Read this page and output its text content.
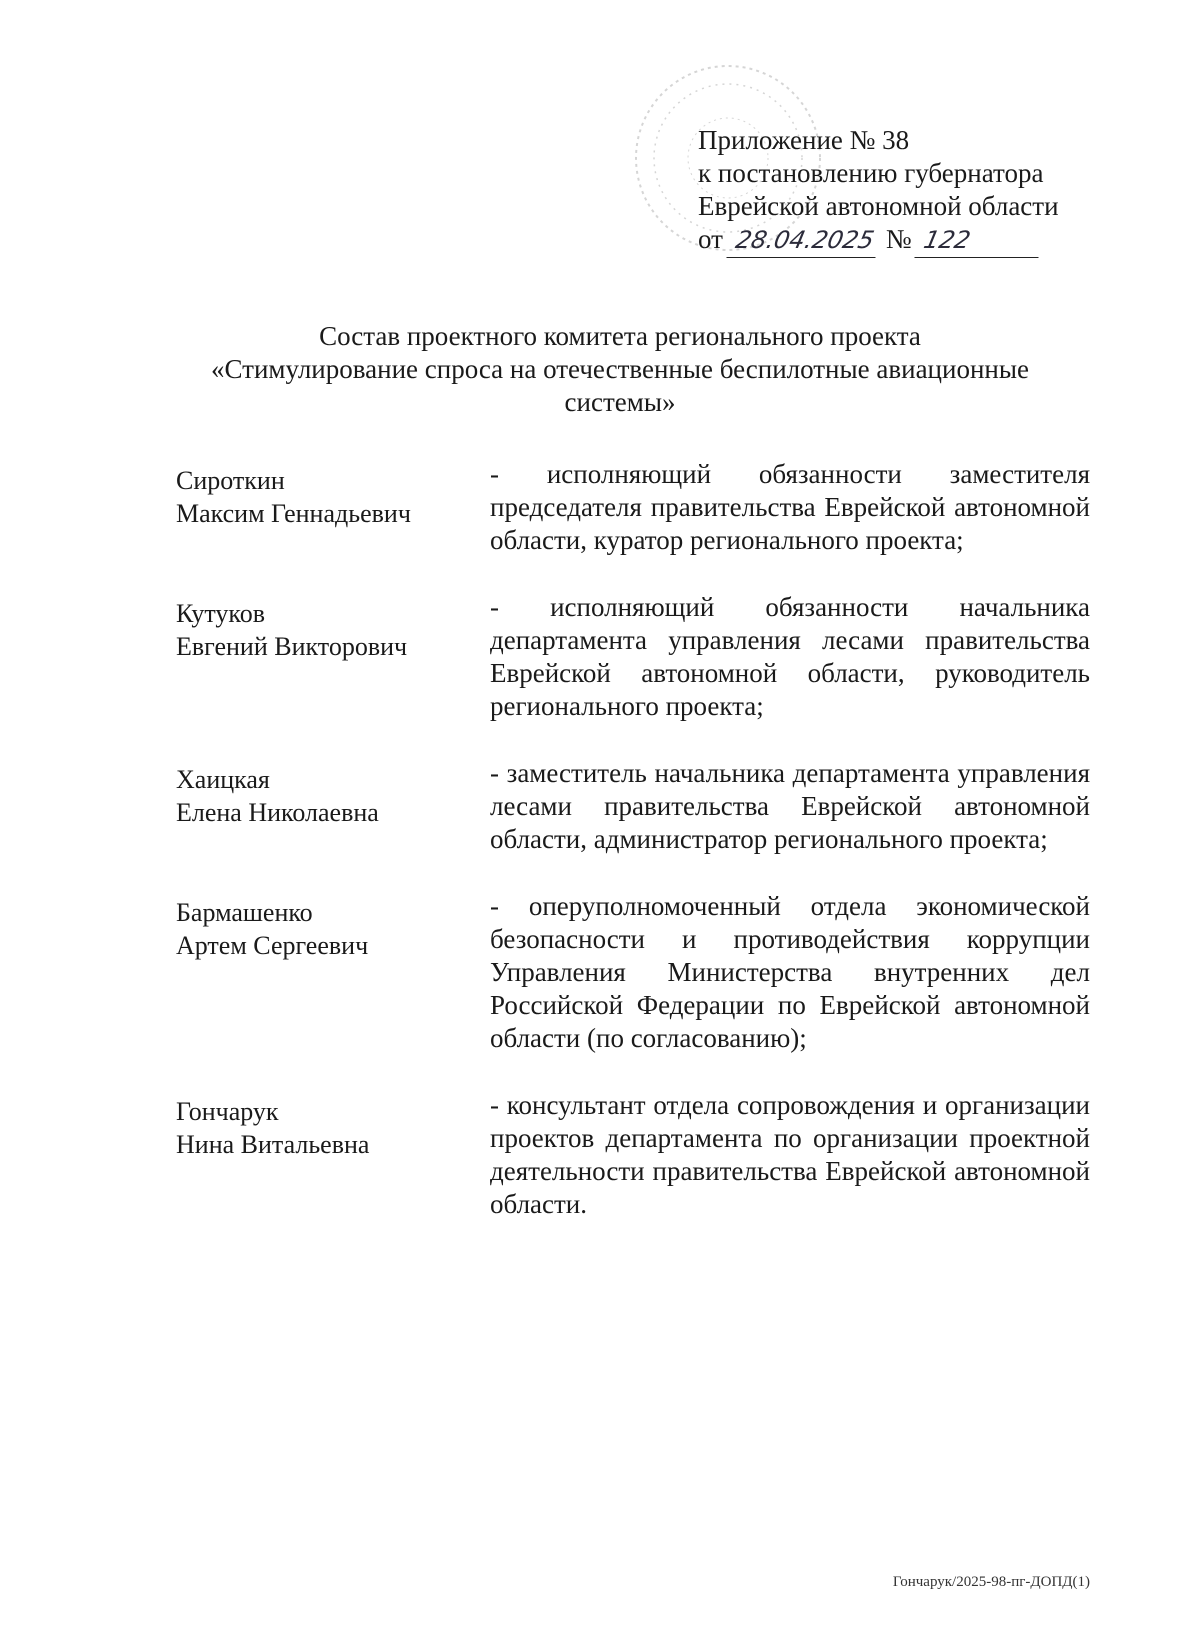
Приложение № 38
к постановлению губернатора
Еврейской автономной области
от 28.04.2025 № 122
Состав проектного комитета регионального проекта
«Стимулирование спроса на отечественные беспилотные авиационные
системы»
Сироткин
Максим Геннадьевич
- исполняющий обязанности заместителя председателя правительства Еврейской автономной области, куратор регионального проекта;
Кутуков
Евгений Викторович
- исполняющий обязанности начальника департамента управления лесами правительства Еврейской автономной области, руководитель регионального проекта;
Хаицкая
Елена Николаевна
- заместитель начальника департамента управления лесами правительства Еврейской автономной области, администратор регионального проекта;
Бармашенко
Артем Сергеевич
- оперуполномоченный отдела экономической безопасности и противодействия коррупции Управления Министерства внутренних дел Российской Федерации по Еврейской автономной области (по согласованию);
Гончарук
Нина Витальевна
- консультант отдела сопровождения и организации проектов департамента по организации проектной деятельности правительства Еврейской автономной области.
Гончарук/2025-98-пг-ДОПД(1)
